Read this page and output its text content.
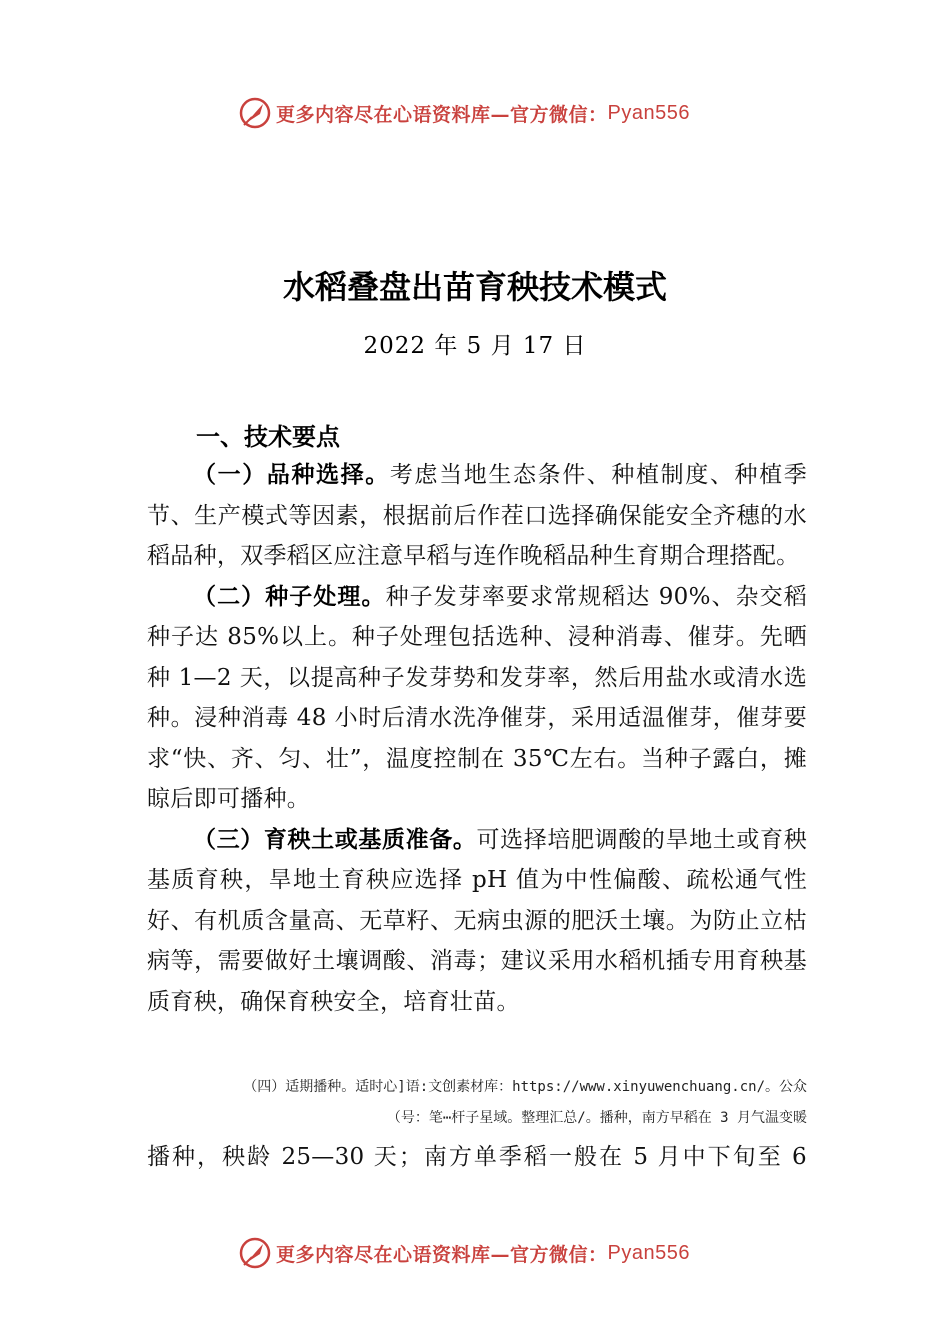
更多内容尽在心语资料库—官方微信： Pyan556
水稻叠盘出苗育秧技术模式
2022 年 5 月 17 日
一、技术要点

（一）品种选择。考虑当地生态条件、种植制度、种植季节、生产模式等因素，根据前后作茬口选择确保能安全齐穗的水稻品种，双季稻区应注意早稻与连作晚稻品种生育期合理搭配。

（二）种子处理。种子发芽率要求常规稻达 90%、杂交稻种子达 85%以上。种子处理包括选种、浸种消毒、催芽。先晒种 1—2 天，以提高种子发芽势和发芽率，然后用盐水或清水选种。浸种消毒 48 小时后清水洗净催芽，采用适温催芽，催芽要求“快、齐、匀、壮”，温度控制在 35℃左右。当种子露白，摊晾后即可播种。

（三）育秧土或基质准备。可选择培肥调酸的旱地土或育秧基质育秧，旱地土育秧应选择 pH 值为中性偏酸、疏松通气性好、有机质含量高、无草籽、无病虫源的肥沃土壤。为防止立枯病等，需要做好土壤调酸、消毒；建议采用水稻机插专用育秧基质育秧，确保育秧安全，培育壮苗。

（四）适期播种。适时心]语:文创素材库：https://www.xinyuwenchuang.cn/。公众
（号：笔⋯杆子星域。整理汇总/。播种，南方早稻在 3 月气温变暖
播种，秧龄 25—30 天；南方单季稻一般在 5 月中下旬至 6
更多内容尽在心语资料库—官方微信： Pyan556
